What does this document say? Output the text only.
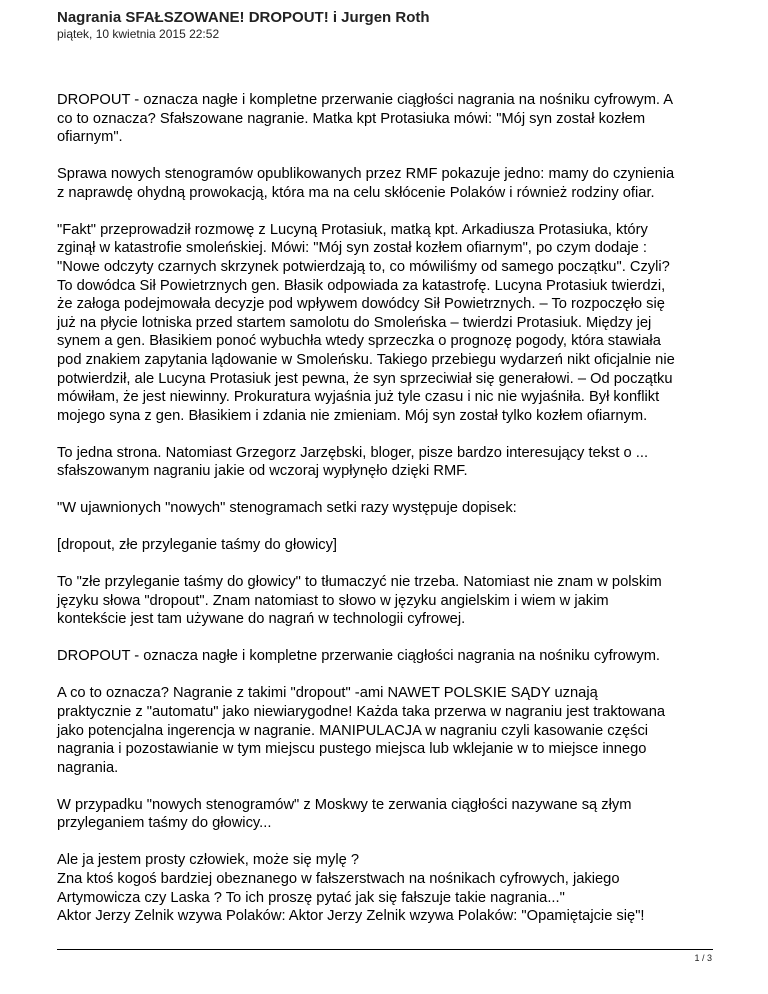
Nagrania SFAŁSZOWANE! DROPOUT! i Jurgen Roth

piątek, 10 kwietnia 2015 22:52

DROPOUT - oznacza nagłe i kompletne przerwanie ciągłości nagrania na nośniku cyfrowym. A
co to oznacza? Sfałszowane nagranie. Matka kpt Protasiuka mówi: "Mój syn został kozłem
ofiarnym".

Sprawa nowych stenogramów opublikowanych przez RMF pokazuje jedno: mamy do czynienia
z naprawdę ohydną prowokacją, która ma na celu skłócenie Polaków i również rodziny ofiar.

"Fakt" przeprowadził rozmowę z Lucyną Protasiuk, matką kpt. Arkadiusza Protasiuka, który
zginął w katastrofie smoleńskiej. Mówi: "Mój syn został kozłem ofiarnym", po czym dodaje :
"Nowe odczyty czarnych skrzynek potwierdzają to, co mówiliśmy od samego początku". Czyli?
To dowódca Sił Powietrznych gen. Błasik odpowiada za katastrofę. Lucyna Protasiuk twierdzi,
że załoga podejmowała decyzje pod wpływem dowódcy Sił Powietrznych. – To rozpoczęło się
już na płycie lotniska przed startem samolotu do Smoleńska – twierdzi Protasiuk. Między jej
synem a gen. Błasikiem ponoć wybuchła wtedy sprzeczka o prognozę pogody, która stawiała
pod znakiem zapytania lądowanie w Smoleńsku. Takiego przebiegu wydarzeń nikt oficjalnie nie
potwierdził, ale Lucyna Protasiuk jest pewna, że syn sprzeciwiał się generałowi. – Od początku
mówiłam, że jest niewinny. Prokuratura wyjaśnia już tyle czasu i nic nie wyjaśniła. Był konflikt
mojego syna z gen. Błasikiem i zdania nie zmieniam. Mój syn został tylko kozłem ofiarnym.

To jedna strona. Natomiast Grzegorz Jarzębski, bloger, pisze bardzo interesujący tekst o ...
sfałszowanym nagraniu jakie od wczoraj wypłynęło dzięki RMF.

"W ujawnionych "nowych" stenogramach setki razy występuje dopisek:

[dropout, złe przyleganie taśmy do głowicy]

To "złe przyleganie taśmy do głowicy" to tłumaczyć nie trzeba. Natomiast nie znam w polskim
języku słowa "dropout". Znam natomiast to słowo w języku angielskim i wiem w jakim
kontekście jest tam używane do nagrań w technologii cyfrowej.

DROPOUT - oznacza nagłe i kompletne przerwanie ciągłości nagrania na nośniku cyfrowym.

A co to oznacza? Nagranie z takimi "dropout" -ami NAWET POLSKIE SĄDY uznają
praktycznie z "automatu" jako niewiarygodne! Każda taka przerwa w nagraniu jest traktowana
jako potencjalna ingerencja w nagranie. MANIPULACJA w nagraniu czyli kasowanie części
nagrania i pozostawianie w tym miejscu pustego miejsca lub wklejanie w to miejsce innego
nagrania.

W przypadku "nowych stenogramów" z Moskwy te zerwania ciągłości nazywane są złym
przyleganiem taśmy do głowicy...

Ale ja jestem prosty człowiek, może się mylę ?
Zna ktoś kogoś bardziej obeznanego w fałszerstwach na nośnikach cyfrowych, jakiego
Artymowicza czy Laska ? To ich proszę pytać jak się fałszuje takie nagrania..."
Aktor Jerzy Zelnik wzywa Polaków: Aktor Jerzy Zelnik wzywa Polaków: "Opamiętajcie się"!

1 / 3
